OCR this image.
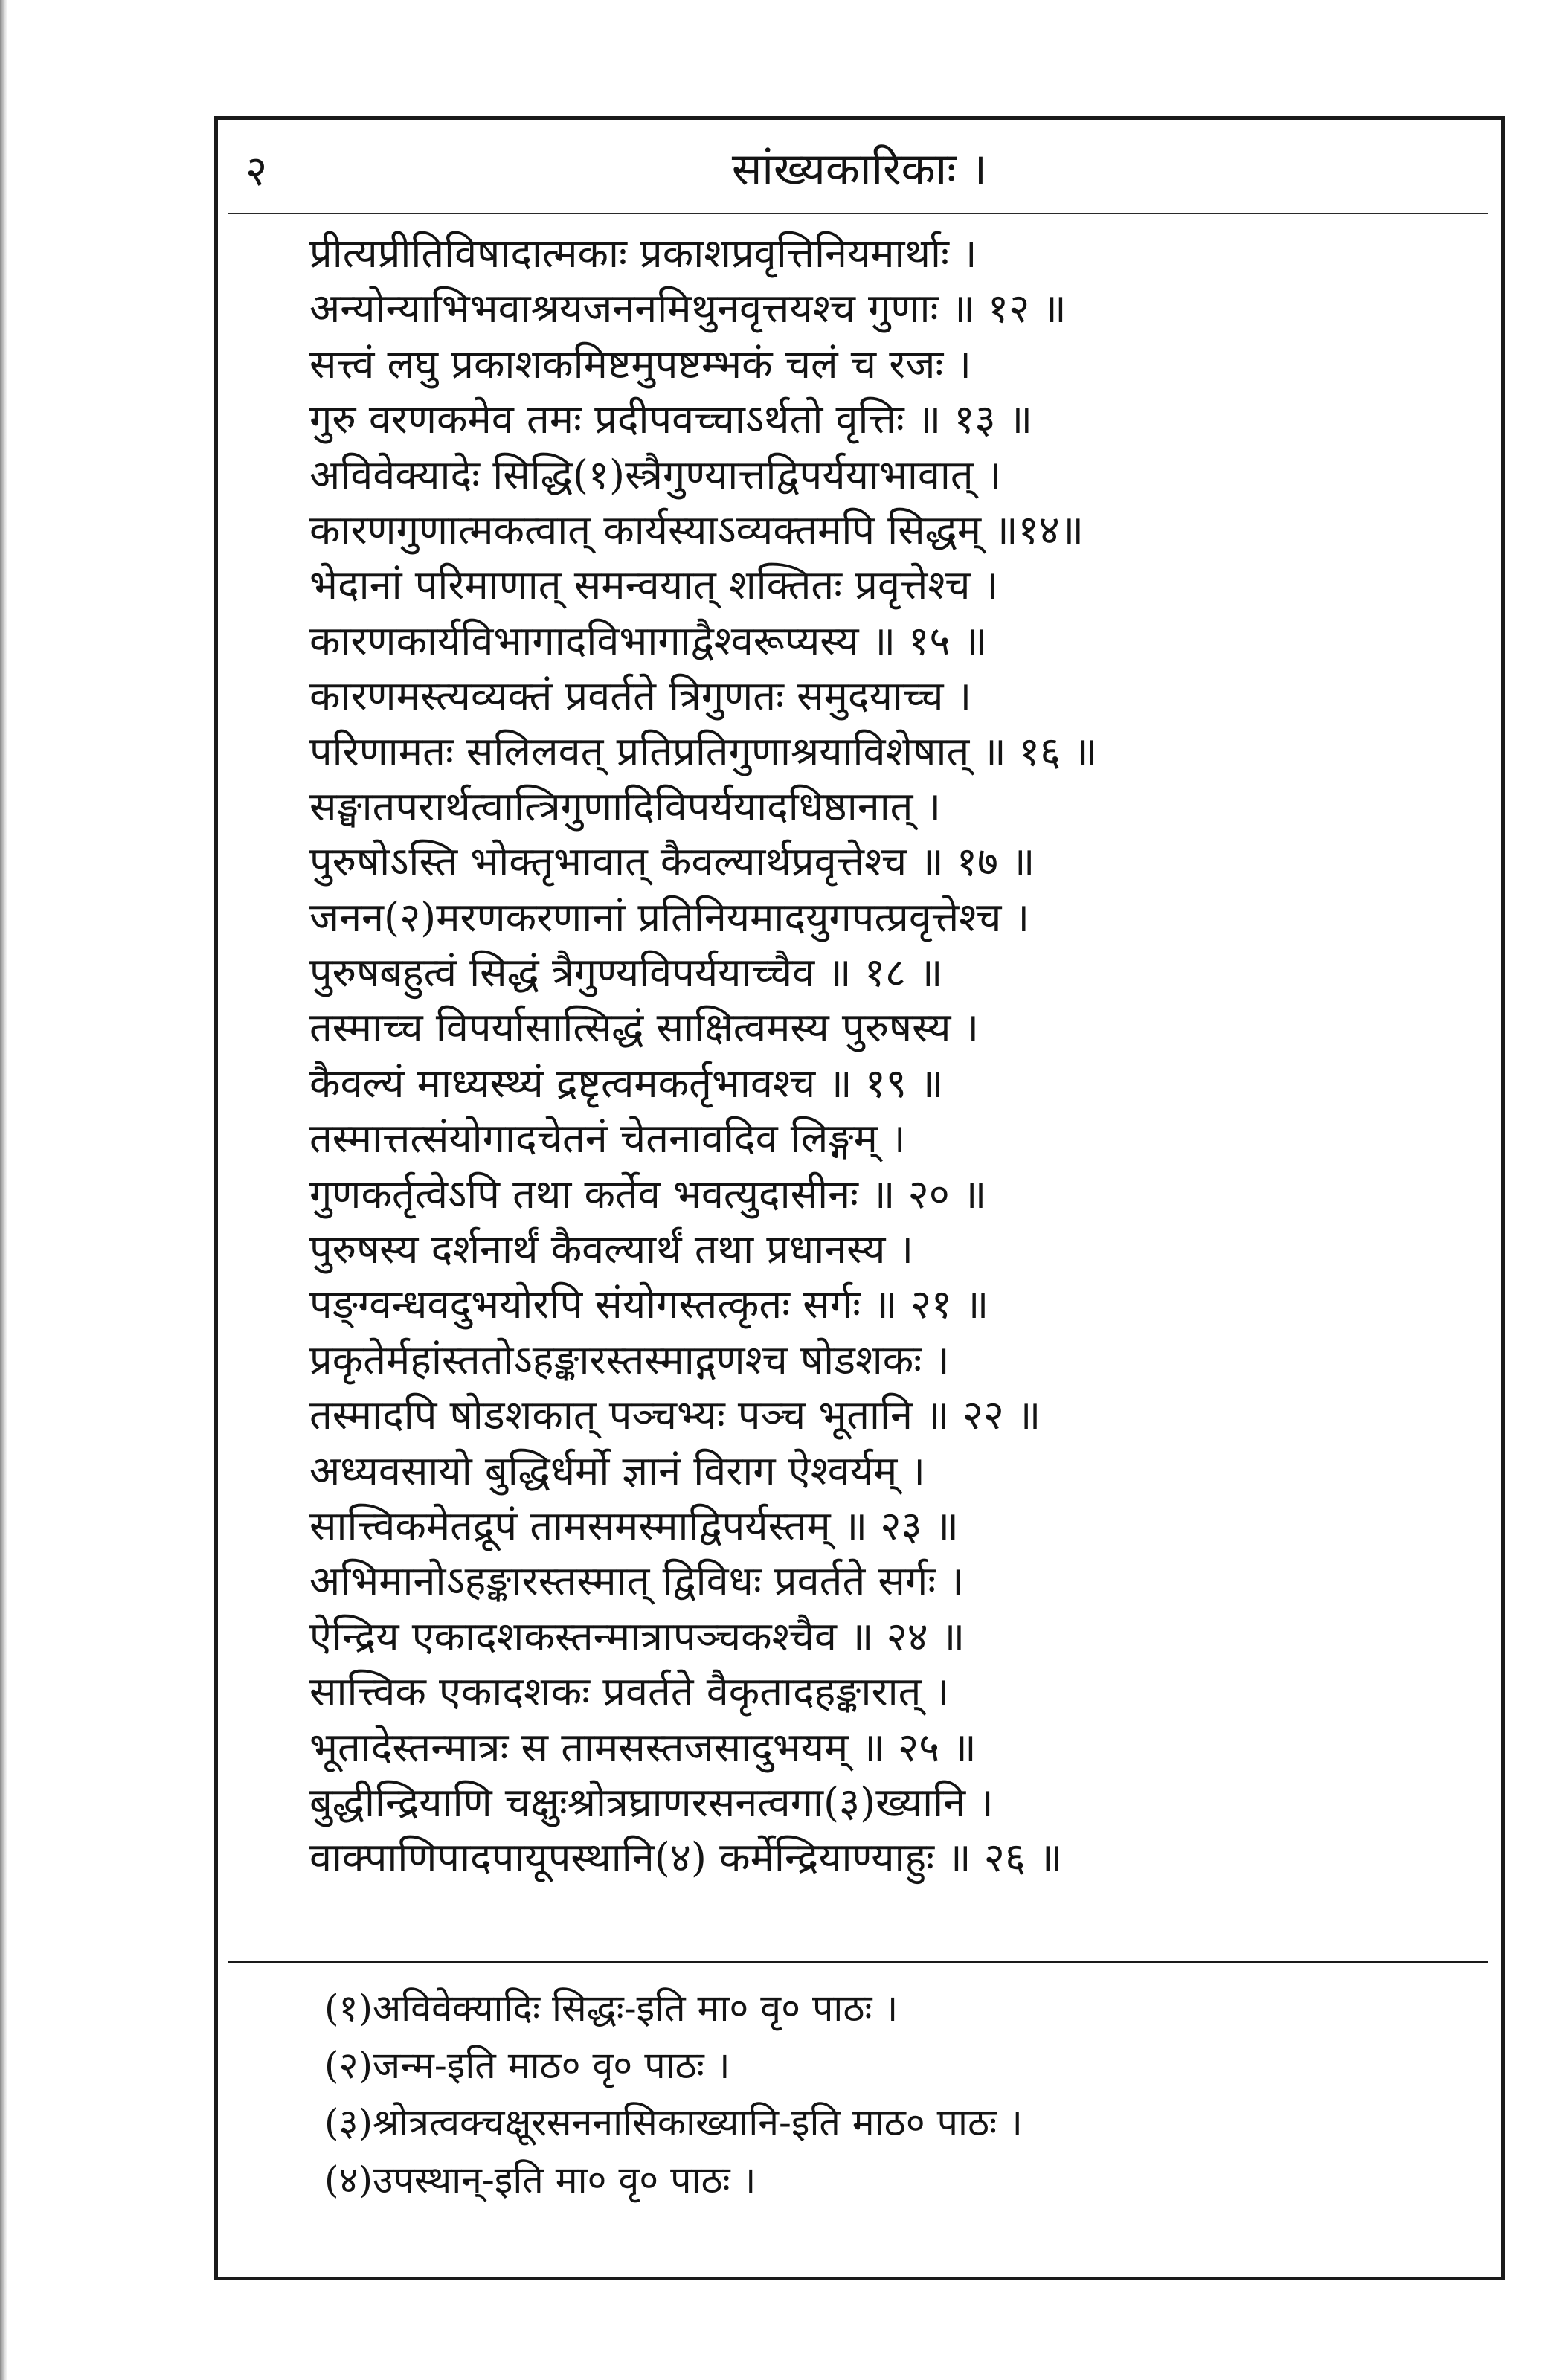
२	सांख्यकारिकाः ।
प्रीत्यप्रीतिविषादात्मकाः प्रकाशप्रवृत्तिनियमार्थाः ।
अन्योन्याभिभवाश्रयजननमिथुनवृत्तयश्च गुणाः ॥ १२ ॥
सत्त्वं लघु प्रकाशकमिष्टमुपष्टम्भकं चलं च रजः ।
गुरु वरणकमेव तमः प्रदीपवच्चाऽर्थतो वृत्तिः ॥ १३ ॥
अविवेक्यादेः सिद्धि(१)स्त्रैगुण्यात्तद्विपर्ययाभावात् ।
कारणगुणात्मकत्वात् कार्यस्याऽव्यक्तमपि सिद्धम् ॥१४॥
भेदानां परिमाणात् समन्वयात् शक्तितः प्रवृत्तेश्च ।
कारणकार्यविभागादविभागाद्वैश्वरूप्यस्य ॥ १५ ॥
कारणमस्त्यव्यक्तं प्रवर्तते त्रिगुणतः समुदयाच्च ।
परिणामतः सलिलवत् प्रतिप्रतिगुणाश्रयाविशेषात् ॥ १६ ॥
सङ्घातपरार्थत्वात्त्रिगुणादिविपर्ययादधिष्ठानात् ।
पुरुषोऽस्ति भोक्तृभावात् कैवल्यार्थप्रवृत्तेश्च ॥ १७ ॥
जनन(२)मरणकरणानां प्रतिनियमादयुगपत्प्रवृत्तेश्च ।
पुरुषबहुत्वं सिद्धं त्रैगुण्यविपर्ययाच्चैव ॥ १८ ॥
तस्माच्च विपर्यासात्सिद्धं साक्षित्वमस्य पुरुषस्य ।
कैवल्यं माध्यस्थ्यं द्रष्टृत्वमकर्तृभावश्च ॥ १९ ॥
तस्मात्तत्संयोगादचेतनं चेतनावदिव लिङ्गम् ।
गुणकर्तृत्वेऽपि तथा कर्तेव भवत्युदासीनः ॥ २० ॥
पुरुषस्य दर्शनार्थं कैवल्यार्थं तथा प्रधानस्य ।
पङ्ग्वन्धवदुभयोरपि संयोगस्तत्कृतः सर्गः ॥ २१ ॥
प्रकृतेर्महांस्ततोऽहङ्कारस्तस्माद्गणश्च षोडशकः ।
तस्मादपि षोडशकात् पञ्चभ्यः पञ्च भूतानि ॥ २२ ॥
अध्यवसायो बुद्धिर्धर्मो ज्ञानं विराग ऐश्वर्यम् ।
सात्त्विकमेतद्रूपं तामसमस्माद्विपर्यस्तम् ॥ २३ ॥
अभिमानोऽहङ्कारस्तस्मात् द्विविधः प्रवर्तते सर्गः ।
ऐन्द्रिय एकादशकस्तन्मात्रापञ्चकश्चैव ॥ २४ ॥
सात्त्विक एकादशकः प्रवर्तते वैकृतादहङ्कारात् ।
भूतादेस्तन्मात्रः स तामसस्तजसादुभयम् ॥ २५ ॥
बुद्धीन्द्रियाणि चक्षुःश्रोत्रघ्राणरसनत्वगा(३)ख्यानि ।
वाक्पाणिपादपायूपस्थानि(४) कर्मेन्द्रियाण्याहुः ॥ २६ ॥
(१)अविवेक्यादिः सिद्धः-इति मा० वृ० पाठः ।
(२)जन्म-इति माठ० वृ० पाठः ।
(३)श्रोत्रत्वक्चक्षूरसननासिकाख्यानि-इति माठ० पाठः ।
(४)उपस्थान्-इति मा० वृ० पाठः ।
